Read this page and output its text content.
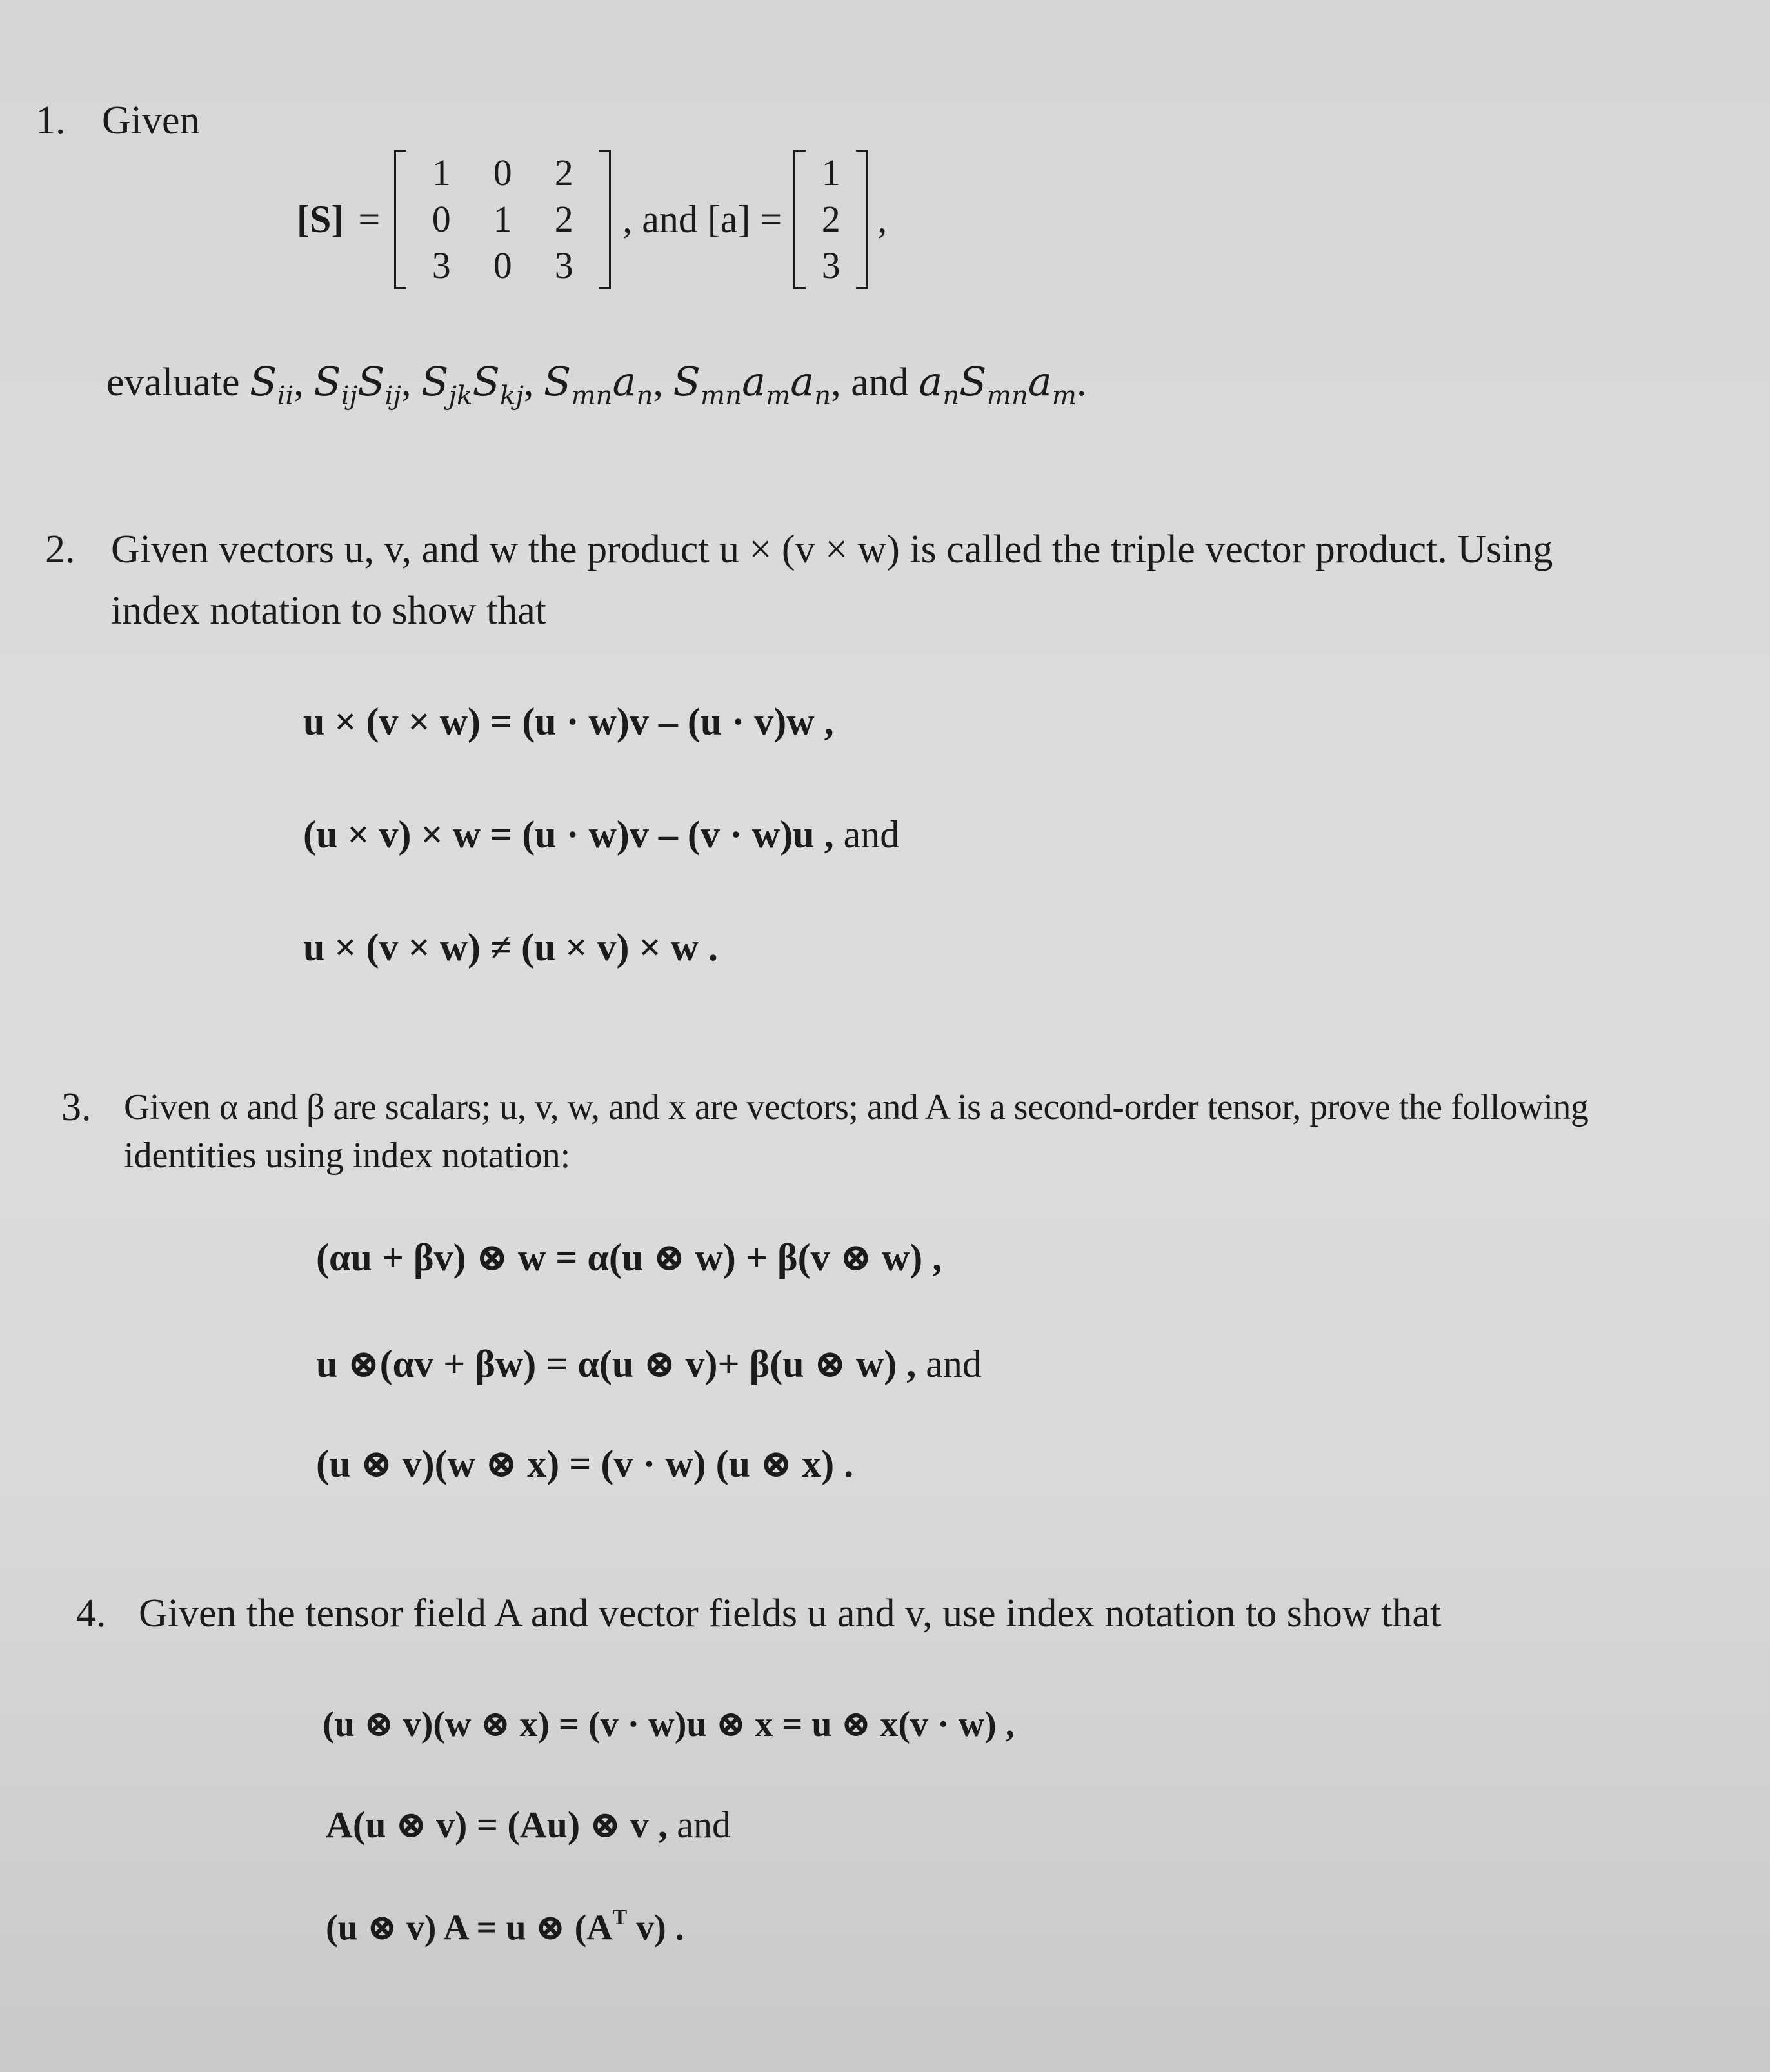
1. Given
[S] =
1	0	2
0	1	2
3	0	3
, and [a] =
1
2
3
,
evaluate $S_{ii}$, $S_{ij}S_{ij}$, $S_{jk}S_{kj}$, $S_{mn}a_n$, $S_{mn}a_ma_n$, and $a_nS_{mn}a_m$.
2. Given vectors u, v, and w the product u × (v × w) is called the triple vector product. Using
index notation to show that
u × (v × w) = (u · w)v – (u · v)w ,
(u × v) × w = (u · w)v – (v · w)u , and
u × (v × w) ≠ (u × v) × w .
3. Given α and β are scalars; u, v, w, and x are vectors; and A is a second-order tensor, prove the following
identities using index notation:
(αu + βv) ⊗ w = α(u ⊗ w) + β(v ⊗ w) ,
u ⊗(αv + βw) = α(u ⊗ v)+ β(u ⊗ w) , and
(u ⊗ v)(w ⊗ x) = (v · w) (u ⊗ x) .
4. Given the tensor field A and vector fields u and v, use index notation to show that
(u ⊗ v)(w ⊗ x) = (v · w)u ⊗ x = u ⊗ x(v · w) ,
A(u ⊗ v) = (Au) ⊗ v , and
(u ⊗ v) A = u ⊗ ($A^T$ v) .
